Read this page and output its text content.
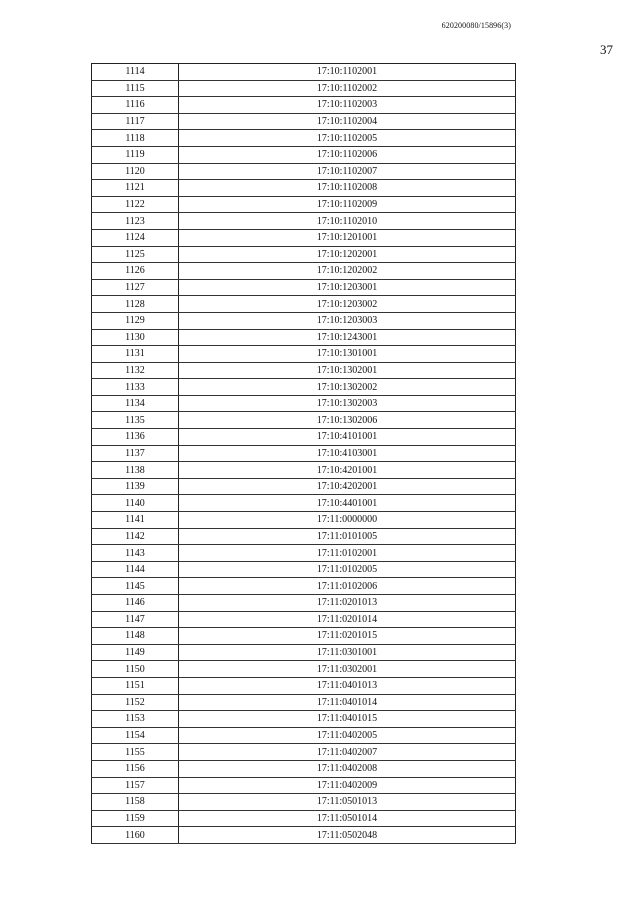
620200080/15896(3)
37
1114	17:10:1102001
1115	17:10:1102002
1116	17:10:1102003
1117	17:10:1102004
1118	17:10:1102005
1119	17:10:1102006
1120	17:10:1102007
1121	17:10:1102008
1122	17:10:1102009
1123	17:10:1102010
1124	17:10:1201001
1125	17:10:1202001
1126	17:10:1202002
1127	17:10:1203001
1128	17:10:1203002
1129	17:10:1203003
1130	17:10:1243001
1131	17:10:1301001
1132	17:10:1302001
1133	17:10:1302002
1134	17:10:1302003
1135	17:10:1302006
1136	17:10:4101001
1137	17:10:4103001
1138	17:10:4201001
1139	17:10:4202001
1140	17:10:4401001
1141	17:11:0000000
1142	17:11:0101005
1143	17:11:0102001
1144	17:11:0102005
1145	17:11:0102006
1146	17:11:0201013
1147	17:11:0201014
1148	17:11:0201015
1149	17:11:0301001
1150	17:11:0302001
1151	17:11:0401013
1152	17:11:0401014
1153	17:11:0401015
1154	17:11:0402005
1155	17:11:0402007
1156	17:11:0402008
1157	17:11:0402009
1158	17:11:0501013
1159	17:11:0501014
1160	17:11:0502048
